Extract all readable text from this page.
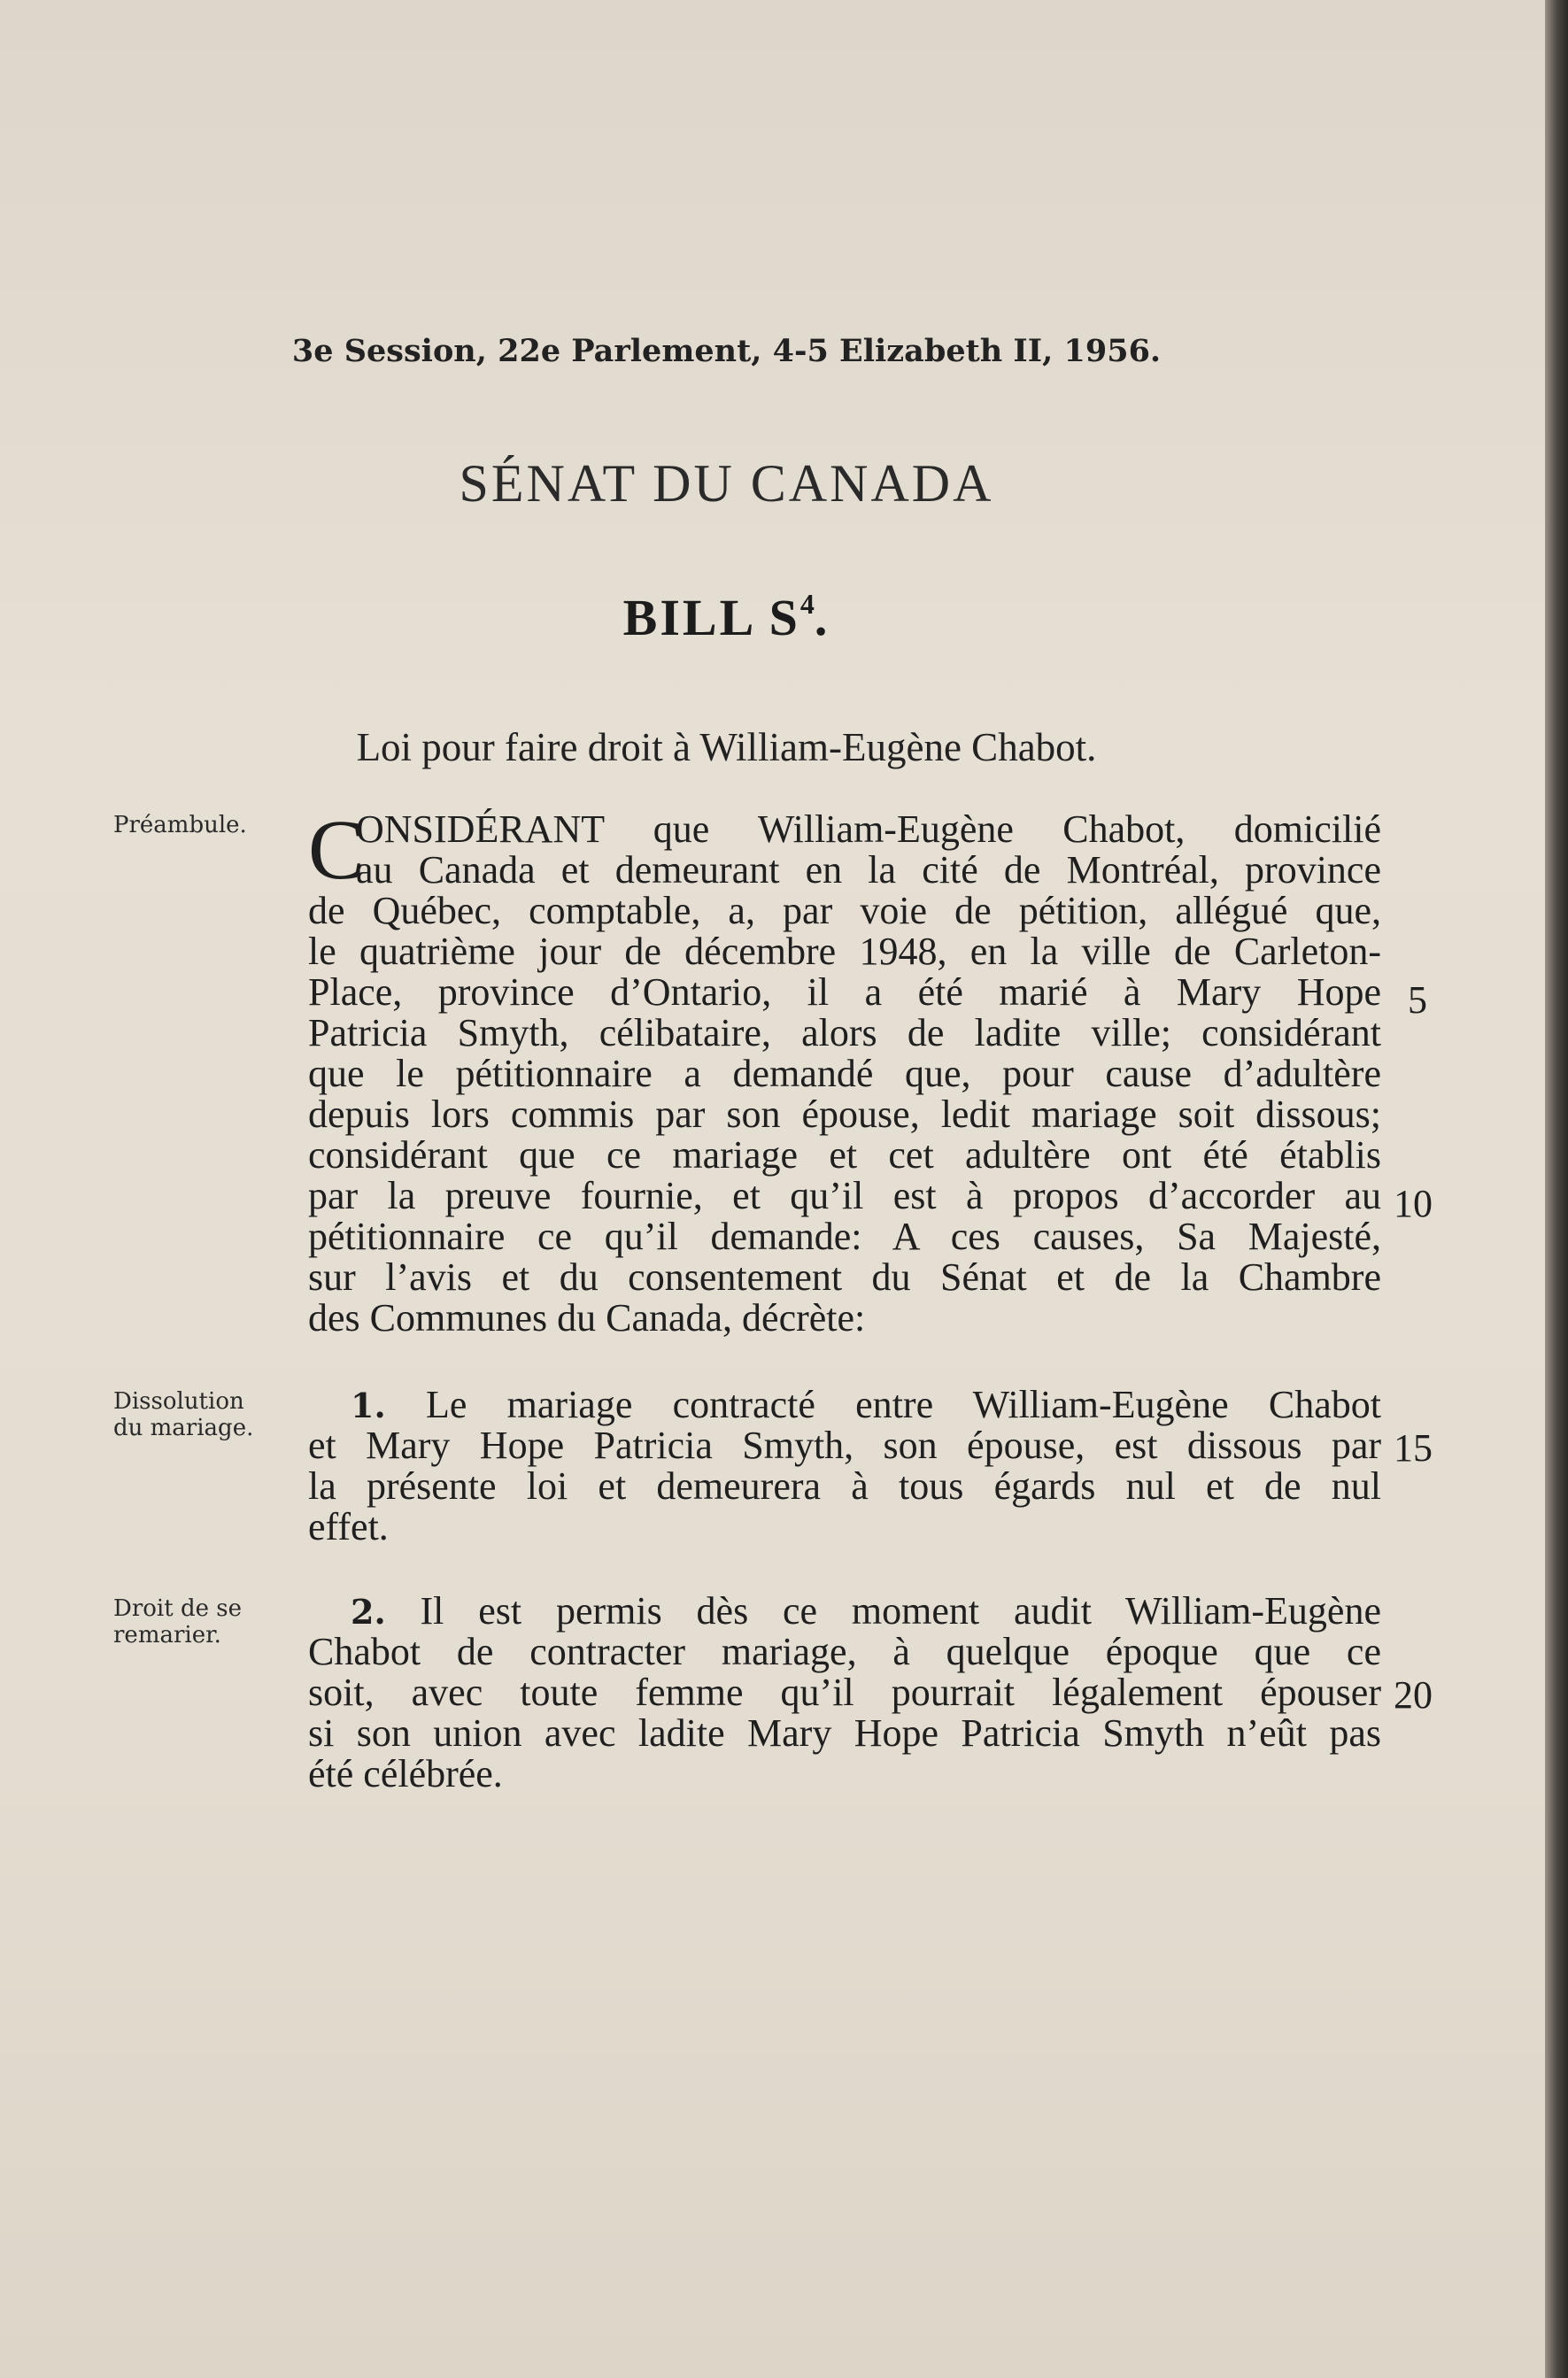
3e Session, 22e Parlement, 4-5 Elizabeth II, 1956.
SÉNAT DU CANADA
BILL $S^4$.
Loi pour faire droit à William-Eugène Chabot.
Préambule. C
ONSIDÉRANT que William-Eugène Chabot, domicilié
au Canada et demeurant en la cité de Montréal, province
de Québec, comptable, a, par voie de pétition, allégué que,
le quatrième jour de décembre 1948, en la ville de Carleton-
Place, province d’Ontario, il a été marié à Mary Hope
Patricia Smyth, célibataire, alors de ladite ville; considérant
que le pétitionnaire a demandé que, pour cause d’adultère
depuis lors commis par son épouse, ledit mariage soit dissous;
considérant que ce mariage et cet adultère ont été établis
par la preuve fournie, et qu’il est à propos d’accorder au
pétitionnaire ce qu’il demande: A ces causes, Sa Majesté,
sur l’avis et du consentement du Sénat et de la Chambre
des Communes du Canada, décrète:
Dissolution
du mariage.
1. Le mariage contracté entre William-Eugène Chabot
et Mary Hope Patricia Smyth, son épouse, est dissous par
la présente loi et demeurera à tous égards nul et de nul
effet.
Droit de se
remarier.
2. Il est permis dès ce moment audit William-Eugène
Chabot de contracter mariage, à quelque époque que ce
soit, avec toute femme qu’il pourrait légalement épouser
si son union avec ladite Mary Hope Patricia Smyth n’eût pas
été célébrée.
5
10
15
20
